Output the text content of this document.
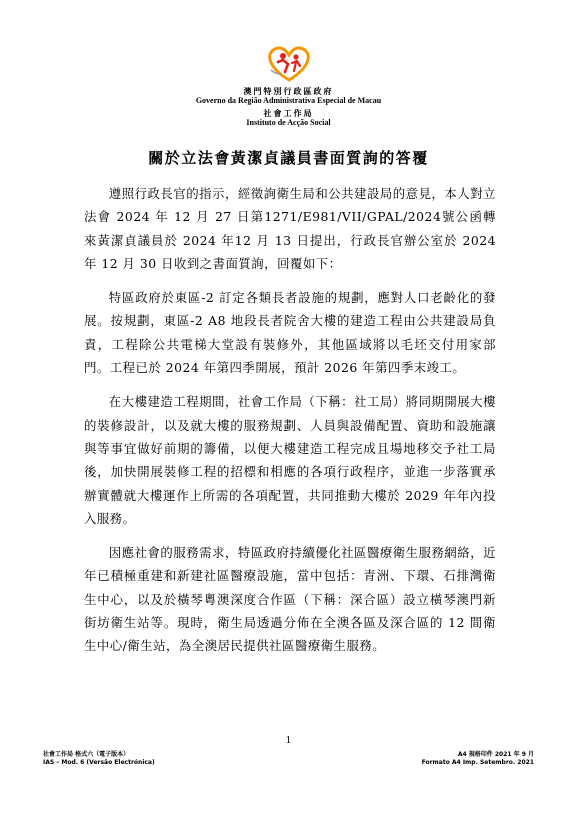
澳門特別行政區政府
Governo da Região Administrativa Especial de Macau
社會工作局
Instituto de Acção Social
關於立法會黃潔貞議員書面質詢的答覆

遵照行政長官的指示，經徵詢衛生局和公共建設局的意見，本人對立法會 2024 年 12 月 27 日第1271/E981/VII/GPAL/2024號公函轉來黃潔貞議員於 2024 年12 月 13 日提出，行政長官辦公室於 2024 年 12 月 30 日收到之書面質詢，回覆如下：

特區政府於東區-2 訂定各類長者設施的規劃，應對人口老齡化的發展。按規劃，東區-2 A8 地段長者院舍大樓的建造工程由公共建設局負責，工程除公共電梯大堂設有裝修外，其他區域將以毛坯交付用家部門。工程已於 2024 年第四季開展，預計 2026 年第四季末竣工。

在大樓建造工程期間，社會工作局（下稱：社工局）將同期開展大樓的裝修設計，以及就大樓的服務規劃、人員與設備配置、資助和設施讓與等事宜做好前期的籌備，以便大樓建造工程完成且場地移交予社工局後，加快開展裝修工程的招標和相應的各項行政程序，並進一步落實承辦實體就大樓運作上所需的各項配置，共同推動大樓於 2029 年年內投入服務。

因應社會的服務需求，特區政府持續優化社區醫療衛生服務網絡，近年已積極重建和新建社區醫療設施，當中包括：青洲、下環、石排灣衛生中心，以及於橫琴粵澳深度合作區（下稱：深合區）設立橫琴澳門新街坊衛生站等。現時，衛生局透過分佈在全澳各區及深合區的 12 間衛生中心/衛生站，為全澳居民提供社區醫療衛生服務。

1
社會工作局 格式六（電子版本）
IAS – Mod. 6 (Versão Electrónica)
A4 規格印件 2021 年 9 月
Formato A4 Imp. Setembro. 2021
